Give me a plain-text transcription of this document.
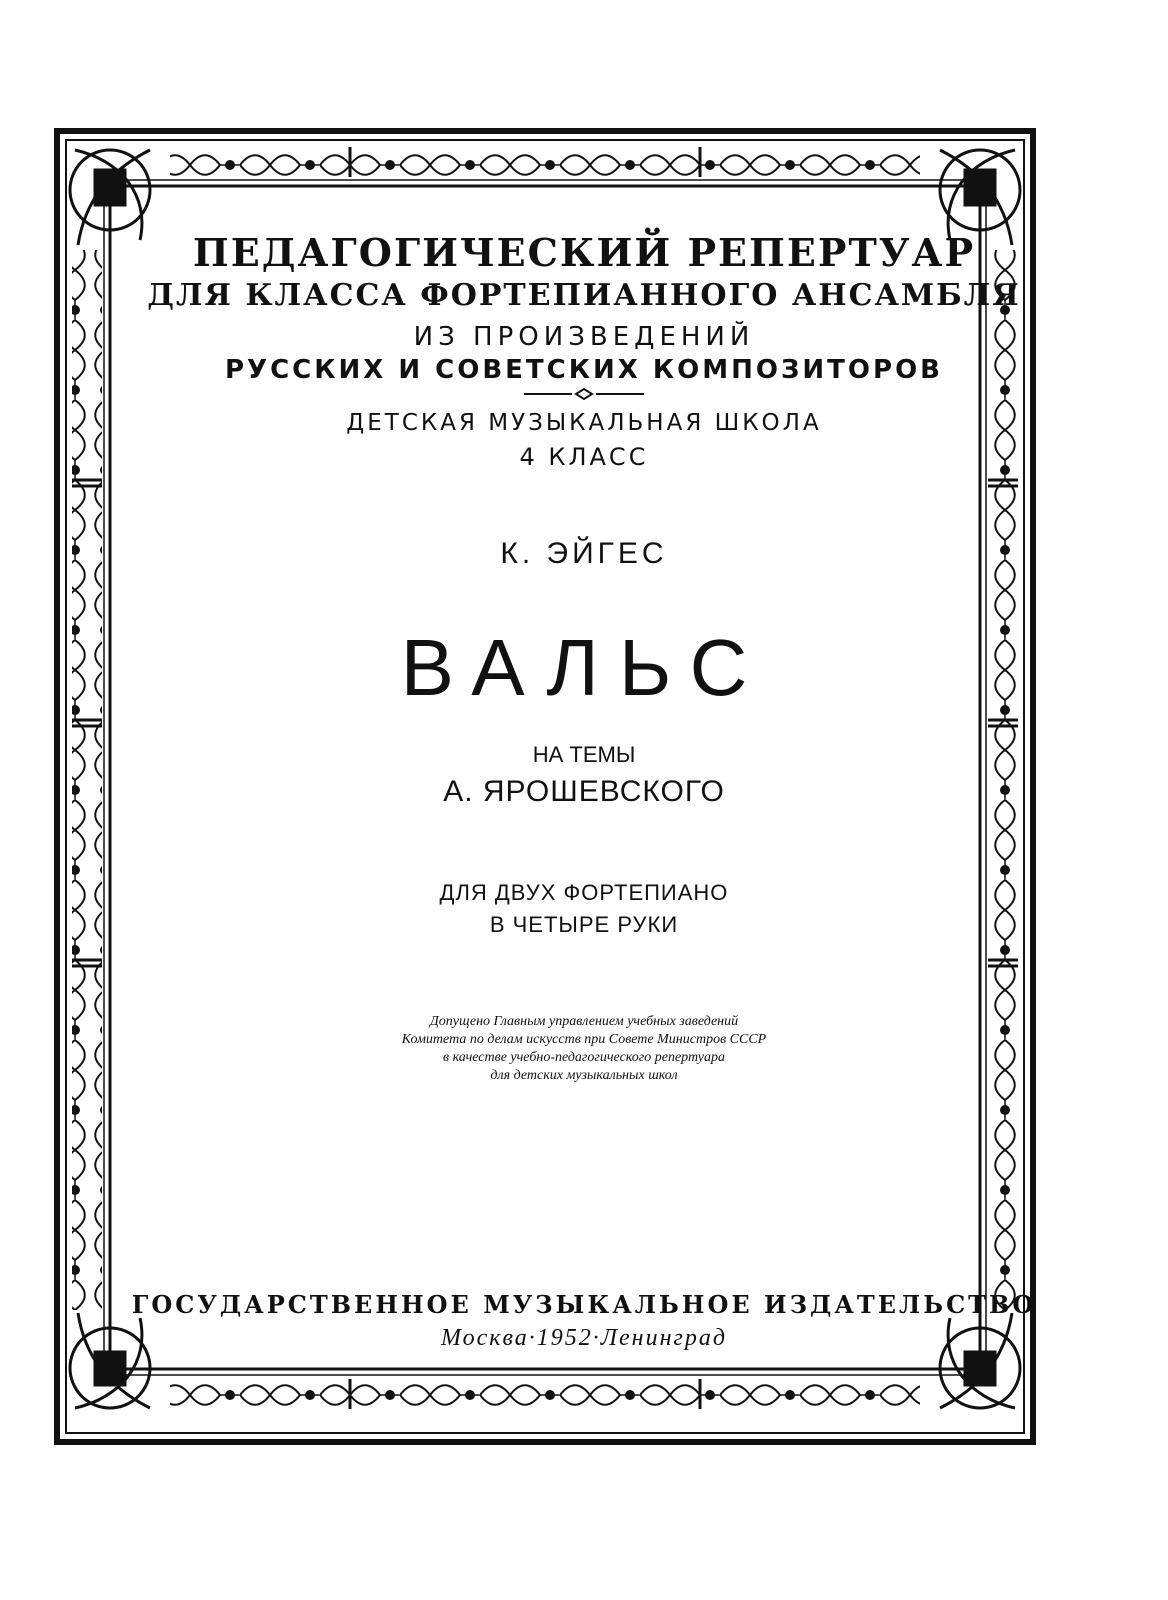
ПЕДАГОГИЧЕСКИЙ РЕПЕРТУАР

ДЛЯ КЛАССА ФОРТЕПИАННОГО АНСАМБЛЯ

ИЗ ПРОИЗВЕДЕНИЙ

РУССКИХ И СОВЕТСКИХ КОМПОЗИТОРОВ

ДЕТСКАЯ МУЗЫКАЛЬНАЯ ШКОЛА

4 КЛАСС

К. ЭЙГЕС

ВАЛЬС

НА ТЕМЫ

А. ЯРОШЕВСКОГО

ДЛЯ ДВУХ ФОРТЕПИАНО

В ЧЕТЫРЕ РУКИ

Допущено Главным управлением учебных заведений
Комитета по делам искусств при Совете Министров СССР
в качестве учебно-педагогического репертуара
для детских музыкальных школ

ГОСУДАРСТВЕННОЕ МУЗЫКАЛЬНОЕ ИЗДАТЕЛЬСТВО

Москва·1952·Ленинград
